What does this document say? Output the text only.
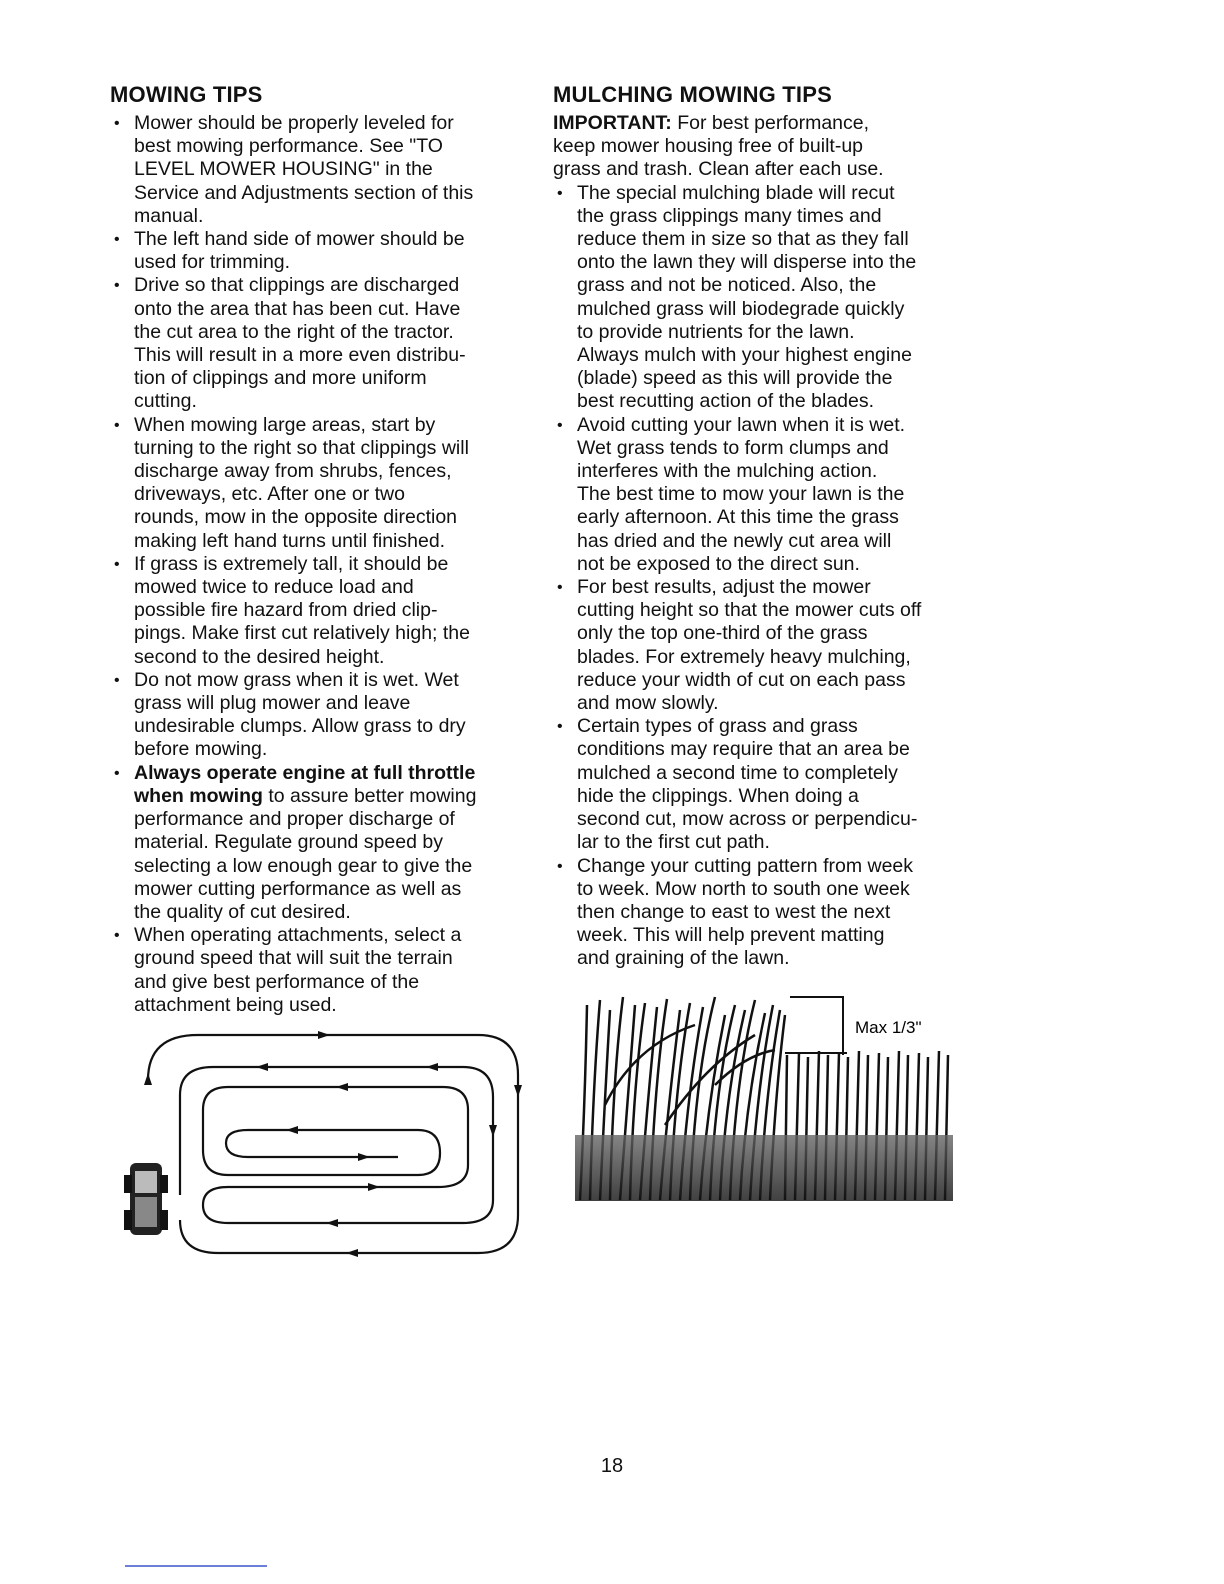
MOWING TIPS
• Mower should be properly leveled for
best mowing performance. See "TO
LEVEL MOWER HOUSING" in the
Service and Adjustments section of this
manual.
• The left hand side of mower should be
used for trimming.
• Drive so that clippings are discharged
onto the area that has been cut. Have
the cut area to the right of the tractor.
This will result in a more even distribu-
tion of clippings and more uniform
cutting.
• When mowing large areas, start by
turning to the right so that clippings will
discharge away from shrubs, fences,
driveways, etc. After one or two
rounds, mow in the opposite direction
making left hand turns until finished.
• If grass is extremely tall, it should be
mowed twice to reduce load and
possible fire hazard from dried clip-
pings. Make first cut relatively high; the
second to the desired height.
• Do not mow grass when it is wet. Wet
grass will plug mower and leave
undesirable clumps. Allow grass to dry
before mowing.
• Always operate engine at full throttle
when mowing to assure better mowing
performance and proper discharge of
material. Regulate ground speed by
selecting a low enough gear to give the
mower cutting performance as well as
the quality of cut desired.
• When operating attachments, select a
ground speed that will suit the terrain
and give best performance of the
attachment being used.
MULCHING MOWING TIPS
IMPORTANT: For best performance,
keep mower housing free of built-up
grass and trash. Clean after each use.
• The special mulching blade will recut
the grass clippings many times and
reduce them in size so that as they fall
onto the lawn they will disperse into the
grass and not be noticed. Also, the
mulched grass will biodegrade quickly
to provide nutrients for the lawn.
Always mulch with your highest engine
(blade) speed as this will provide the
best recutting action of the blades.
• Avoid cutting your lawn when it is wet.
Wet grass tends to form clumps and
interferes with the mulching action.
The best time to mow your lawn is the
early afternoon. At this time the grass
has dried and the newly cut area will
not be exposed to the direct sun.
• For best results, adjust the mower
cutting height so that the mower cuts off
only the top one-third of the grass
blades. For extremely heavy mulching,
reduce your width of cut on each pass
and mow slowly.
• Certain types of grass and grass
conditions may require that an area be
mulched a second time to completely
hide the clippings. When doing a
second cut, mow across or perpendicu-
lar to the first cut path.
• Change your cutting pattern from week
to week. Mow north to south one week
then change to east to west the next
week. This will help prevent matting
and graining of the lawn.
Max 1/3"
18
